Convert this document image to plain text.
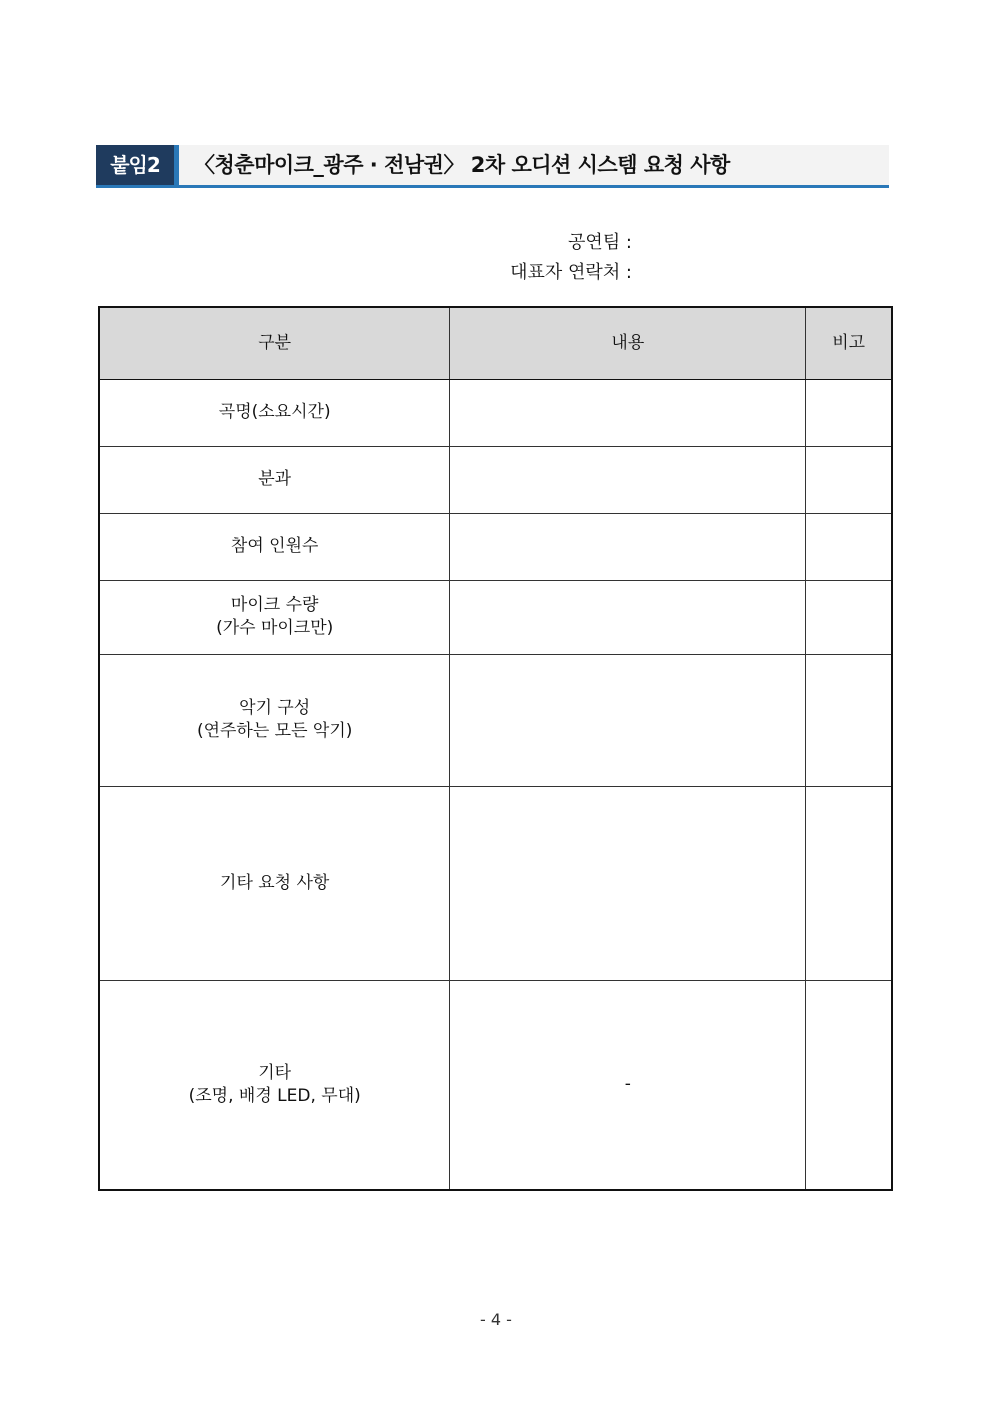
붙임2	〈청춘마이크_광주 · 전남권〉 2차 오디션 시스템 요청 사항
공연팀 :
대표자 연락처 :
구분	내용	비고

곡명(소요시간)		

분과		

참여 인원수		

마이크 수량
(가수 마이크만)		

악기 구성
(연주하는 모든 악기)		

기타 요청 사항		

기타
(조명, 배경 LED, 무대)	-	
- 4 -
